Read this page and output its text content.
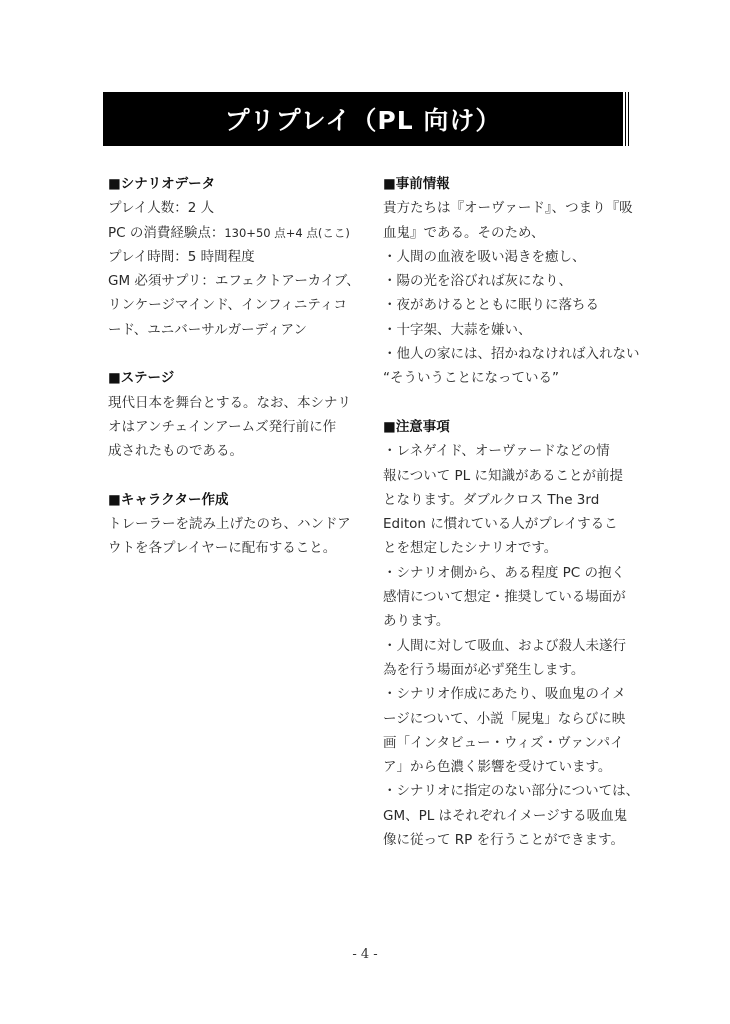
プリプレイ（PL 向け）
■シナリオデータ
プレイ人数：2 人
PC の消費経験点：130+50 点+4 点(ここ)
プレイ時間：5 時間程度
GM 必須サプリ：エフェクトアーカイブ、
リンケージマインド、インフィニティコ
ード、ユニバーサルガーディアン
■ステージ
現代日本を舞台とする。なお、本シナリ
オはアンチェインアームズ発行前に作
成されたものである。
■キャラクター作成
トレーラーを読み上げたのち、ハンドア
ウトを各プレイヤーに配布すること。
■事前情報
貴方たちは『オーヴァード』、つまり『吸
血鬼』である。そのため、
・人間の血液を吸い渇きを癒し、
・陽の光を浴びれば灰になり、
・夜があけるとともに眠りに落ちる
・十字架、大蒜を嫌い、
・他人の家には、招かねなければ入れない
“そういうことになっている”
■注意事項
・レネゲイド、オーヴァードなどの情
報について PL に知識があることが前提
となります。ダブルクロス The 3rd
Editon に慣れている人がプレイするこ
とを想定したシナリオです。
・シナリオ側から、ある程度 PC の抱く
感情について想定・推奨している場面が
あります。
・人間に対して吸血、および殺人未遂行
為を行う場面が必ず発生します。
・シナリオ作成にあたり、吸血鬼のイメ
ージについて、小説「屍鬼」ならびに映
画「インタビュー・ウィズ・ヴァンパイ
ア」から色濃く影響を受けています。
・シナリオに指定のない部分については、
GM、PL はそれぞれイメージする吸血鬼
像に従って RP を行うことができます。
- 4 -
